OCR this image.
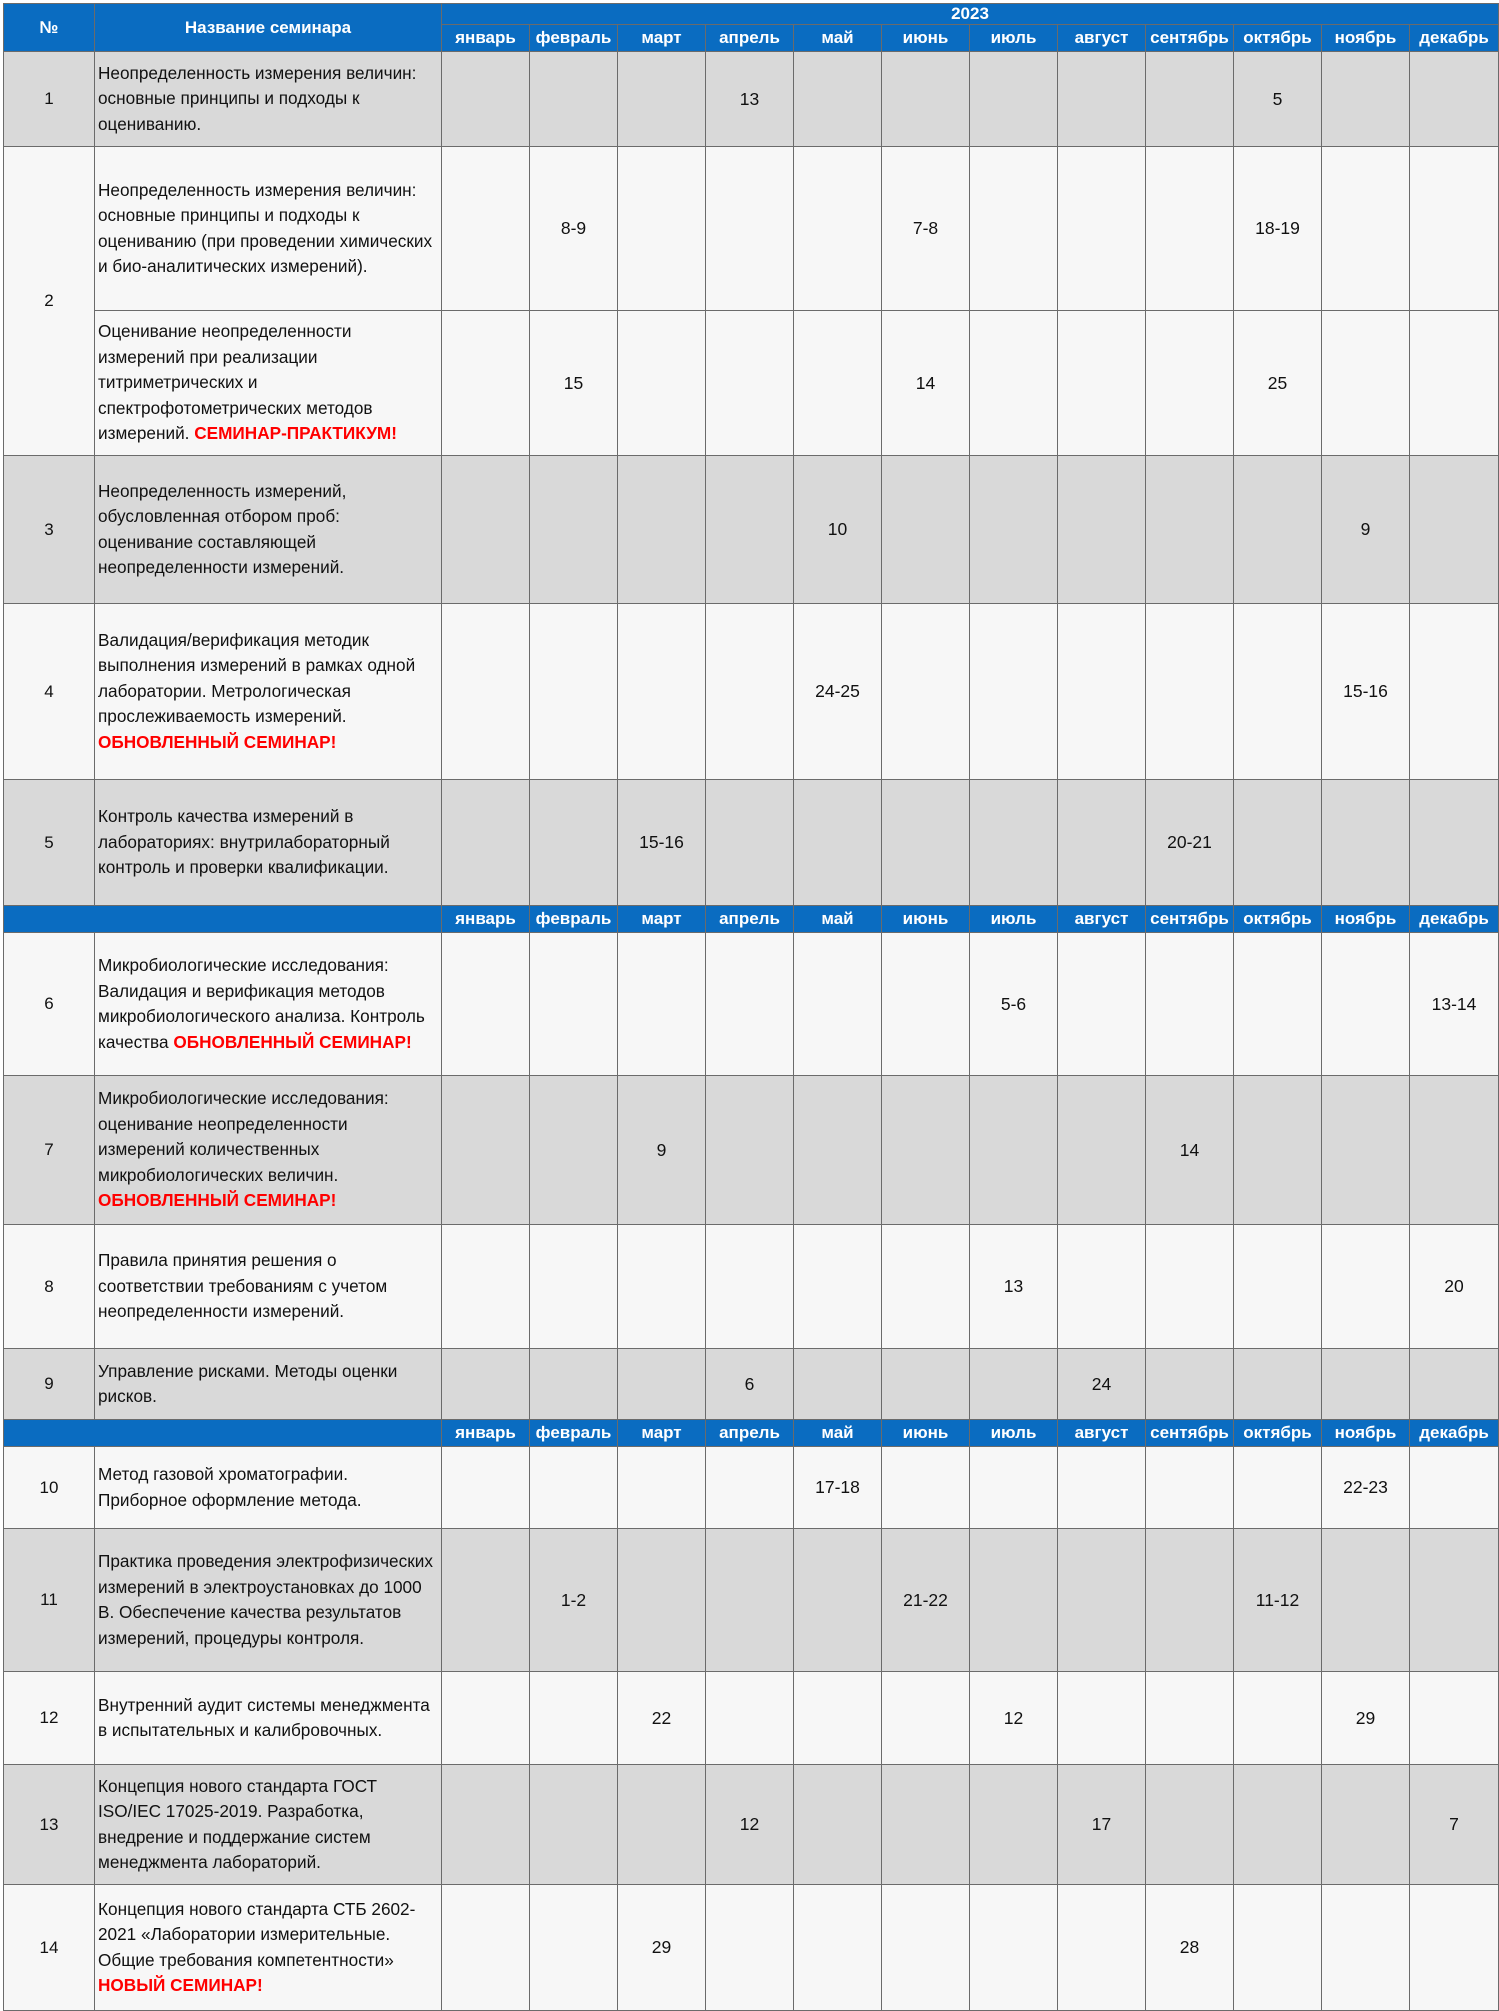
№	Название семинара	2023											
		январь	февраль	март	апрель	май	июнь	июль	август	сентябрь	октябрь	ноябрь	декабрь
1	Неопределенность измерения величин: основные принципы и подходы к оцениванию.				13						5		
2	Неопределенность измерения величин: основные принципы и подходы к оцениванию (при проведении химических и био-аналитических измерений).		8-9				7-8				18-19		
	Оценивание неопределенности измерений при реализации титриметрических и спектрофотометрических методов измерений. СЕМИНАР-ПРАКТИКУМ!		15				14				25		
3	Неопределенность измерений, обусловленная отбором проб: оценивание составляющей неопределенности измерений.					10						9	
4	Валидация/верификация методик выполнения измерений в рамках одной лаборатории. Метрологическая прослеживаемость измерений. ОБНОВЛЕННЫЙ СЕМИНАР!					24-25						15-16	
5	Контроль качества измерений в лабораториях: внутрилабораторный контроль и проверки квалификации.			15-16						20-21			
		январь	февраль	март	апрель	май	июнь	июль	август	сентябрь	октябрь	ноябрь	декабрь
6	Микробиологические исследования: Валидация и верификация методов микробиологического анализа. Контроль качества ОБНОВЛЕННЫЙ СЕМИНАР!							5-6					13-14
7	Микробиологические исследования: оценивание неопределенности измерений количественных микробиологических величин. ОБНОВЛЕННЫЙ СЕМИНАР!			9						14			
8	Правила принятия решения о соответствии требованиям с учетом неопределенности измерений.							13					20
9	Управление рисками. Методы оценки рисков.				6				24				
		январь	февраль	март	апрель	май	июнь	июль	август	сентябрь	октябрь	ноябрь	декабрь
10	Метод газовой хроматографии. Приборное оформление метода.					17-18						22-23	
11	Практика проведения электрофизических измерений в электроустановках до 1000 В. Обеспечение качества результатов измерений, процедуры контроля.		1-2				21-22				11-12		
12	Внутренний аудит системы менеджмента в испытательных и калибровочных.			22				12				29	
13	Концепция нового стандарта ГОСТ ISO/IEC 17025-2019. Разработка, внедрение и поддержание систем менеджмента лабораторий.				12				17				7
14	Концепция нового стандарта СТБ 2602-2021 «Лаборатории измерительные. Общие требования компетентности» НОВЫЙ СЕМИНАР!			29						28			
